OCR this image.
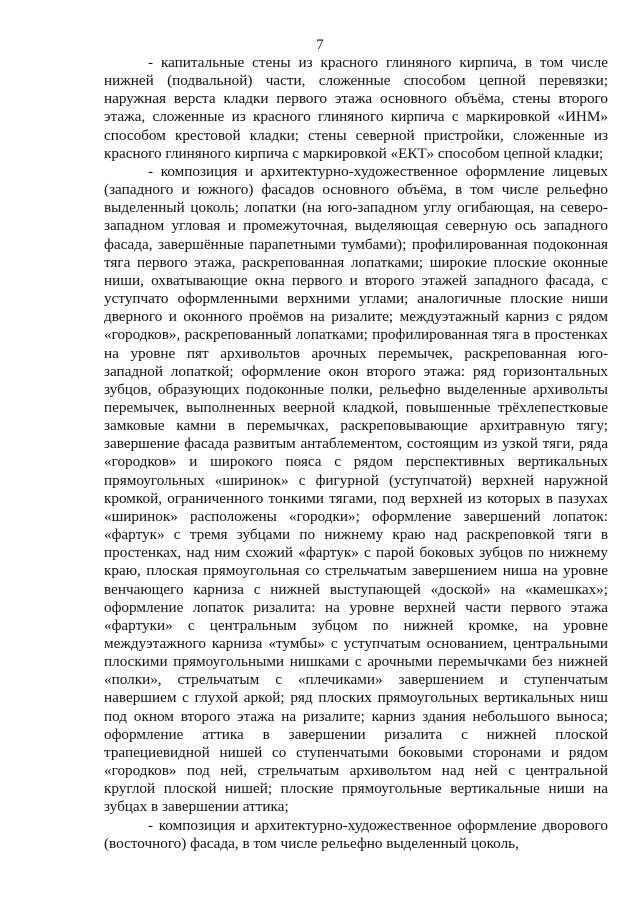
7

- капитальные стены из красного глиняного кирпича, в том числе нижней (подвальной) части, сложенные способом цепной перевязки; наружная верста кладки первого этажа основного объёма, стены второго этажа, сложенные из красного глиняного кирпича с маркировкой «ИНМ» способом крестовой кладки; стены северной пристройки, сложенные из красного глиняного кирпича с маркировкой «ЕКТ» способом цепной кладки;

- композиция и архитектурно-художественное оформление лицевых (западного и южного) фасадов основного объёма, в том числе рельефно выделенный цоколь; лопатки (на юго-западном углу огибающая, на северо-западном угловая и промежуточная, выделяющая северную ось западного фасада, завершённые парапетными тумбами); профилированная подоконная тяга первого этажа, раскрепованная лопатками; широкие плоские оконные ниши, охватывающие окна первого и второго этажей западного фасада, с уступчато оформленными верхними углами; аналогичные плоские ниши дверного и оконного проёмов на ризалите; междуэтажный карниз с рядом «городков», раскрепованный лопатками; профилированная тяга в простенках на уровне пят архивольтов арочных перемычек, раскрепованная юго-западной лопаткой; оформление окон второго этажа: ряд горизонтальных зубцов, образующих подоконные полки, рельефно выделенные архивольты перемычек, выполненных веерной кладкой, повышенные трёхлепестковые замковые камни в перемычках, раскреповывающие архитравную тягу; завершение фасада развитым антаблементом, состоящим из узкой тяги, ряда «городков» и широкого пояса с рядом перспективных вертикальных прямоугольных «ширинок» с фигурной (уступчатой) верхней наружной кромкой, ограниченного тонкими тягами, под верхней из которых в пазухах «ширинок» расположены «городки»; оформление завершений лопаток: «фартук» с тремя зубцами по нижнему краю над раскреповкой тяги в простенках, над ним схожий «фартук» с парой боковых зубцов по нижнему краю, плоская прямоугольная со стрельчатым завершением ниша на уровне венчающего карниза с нижней выступающей «доской» на «камешках»; оформление лопаток ризалита: на уровне верхней части первого этажа «фартуки» с центральным зубцом по нижней кромке, на уровне междуэтажного карниза «тумбы» с уступчатым основанием, центральными плоскими прямоугольными нишками с арочными перемычками без нижней «полки», стрельчатым с «плечиками» завершением и ступенчатым навершием с глухой аркой; ряд плоских прямоугольных вертикальных ниш под окном второго этажа на ризалите; карниз здания небольшого выноса; оформление аттика в завершении ризалита с нижней плоской трапециевидной нишей со ступенчатыми боковыми сторонами и рядом «городков» под ней, стрельчатым архивольтом над ней с центральной круглой плоской нишей; плоские прямоугольные вертикальные ниши на зубцах в завершении аттика;

- композиция и архитектурно-художественное оформление дворового (восточного) фасада, в том числе рельефно выделенный цоколь,
